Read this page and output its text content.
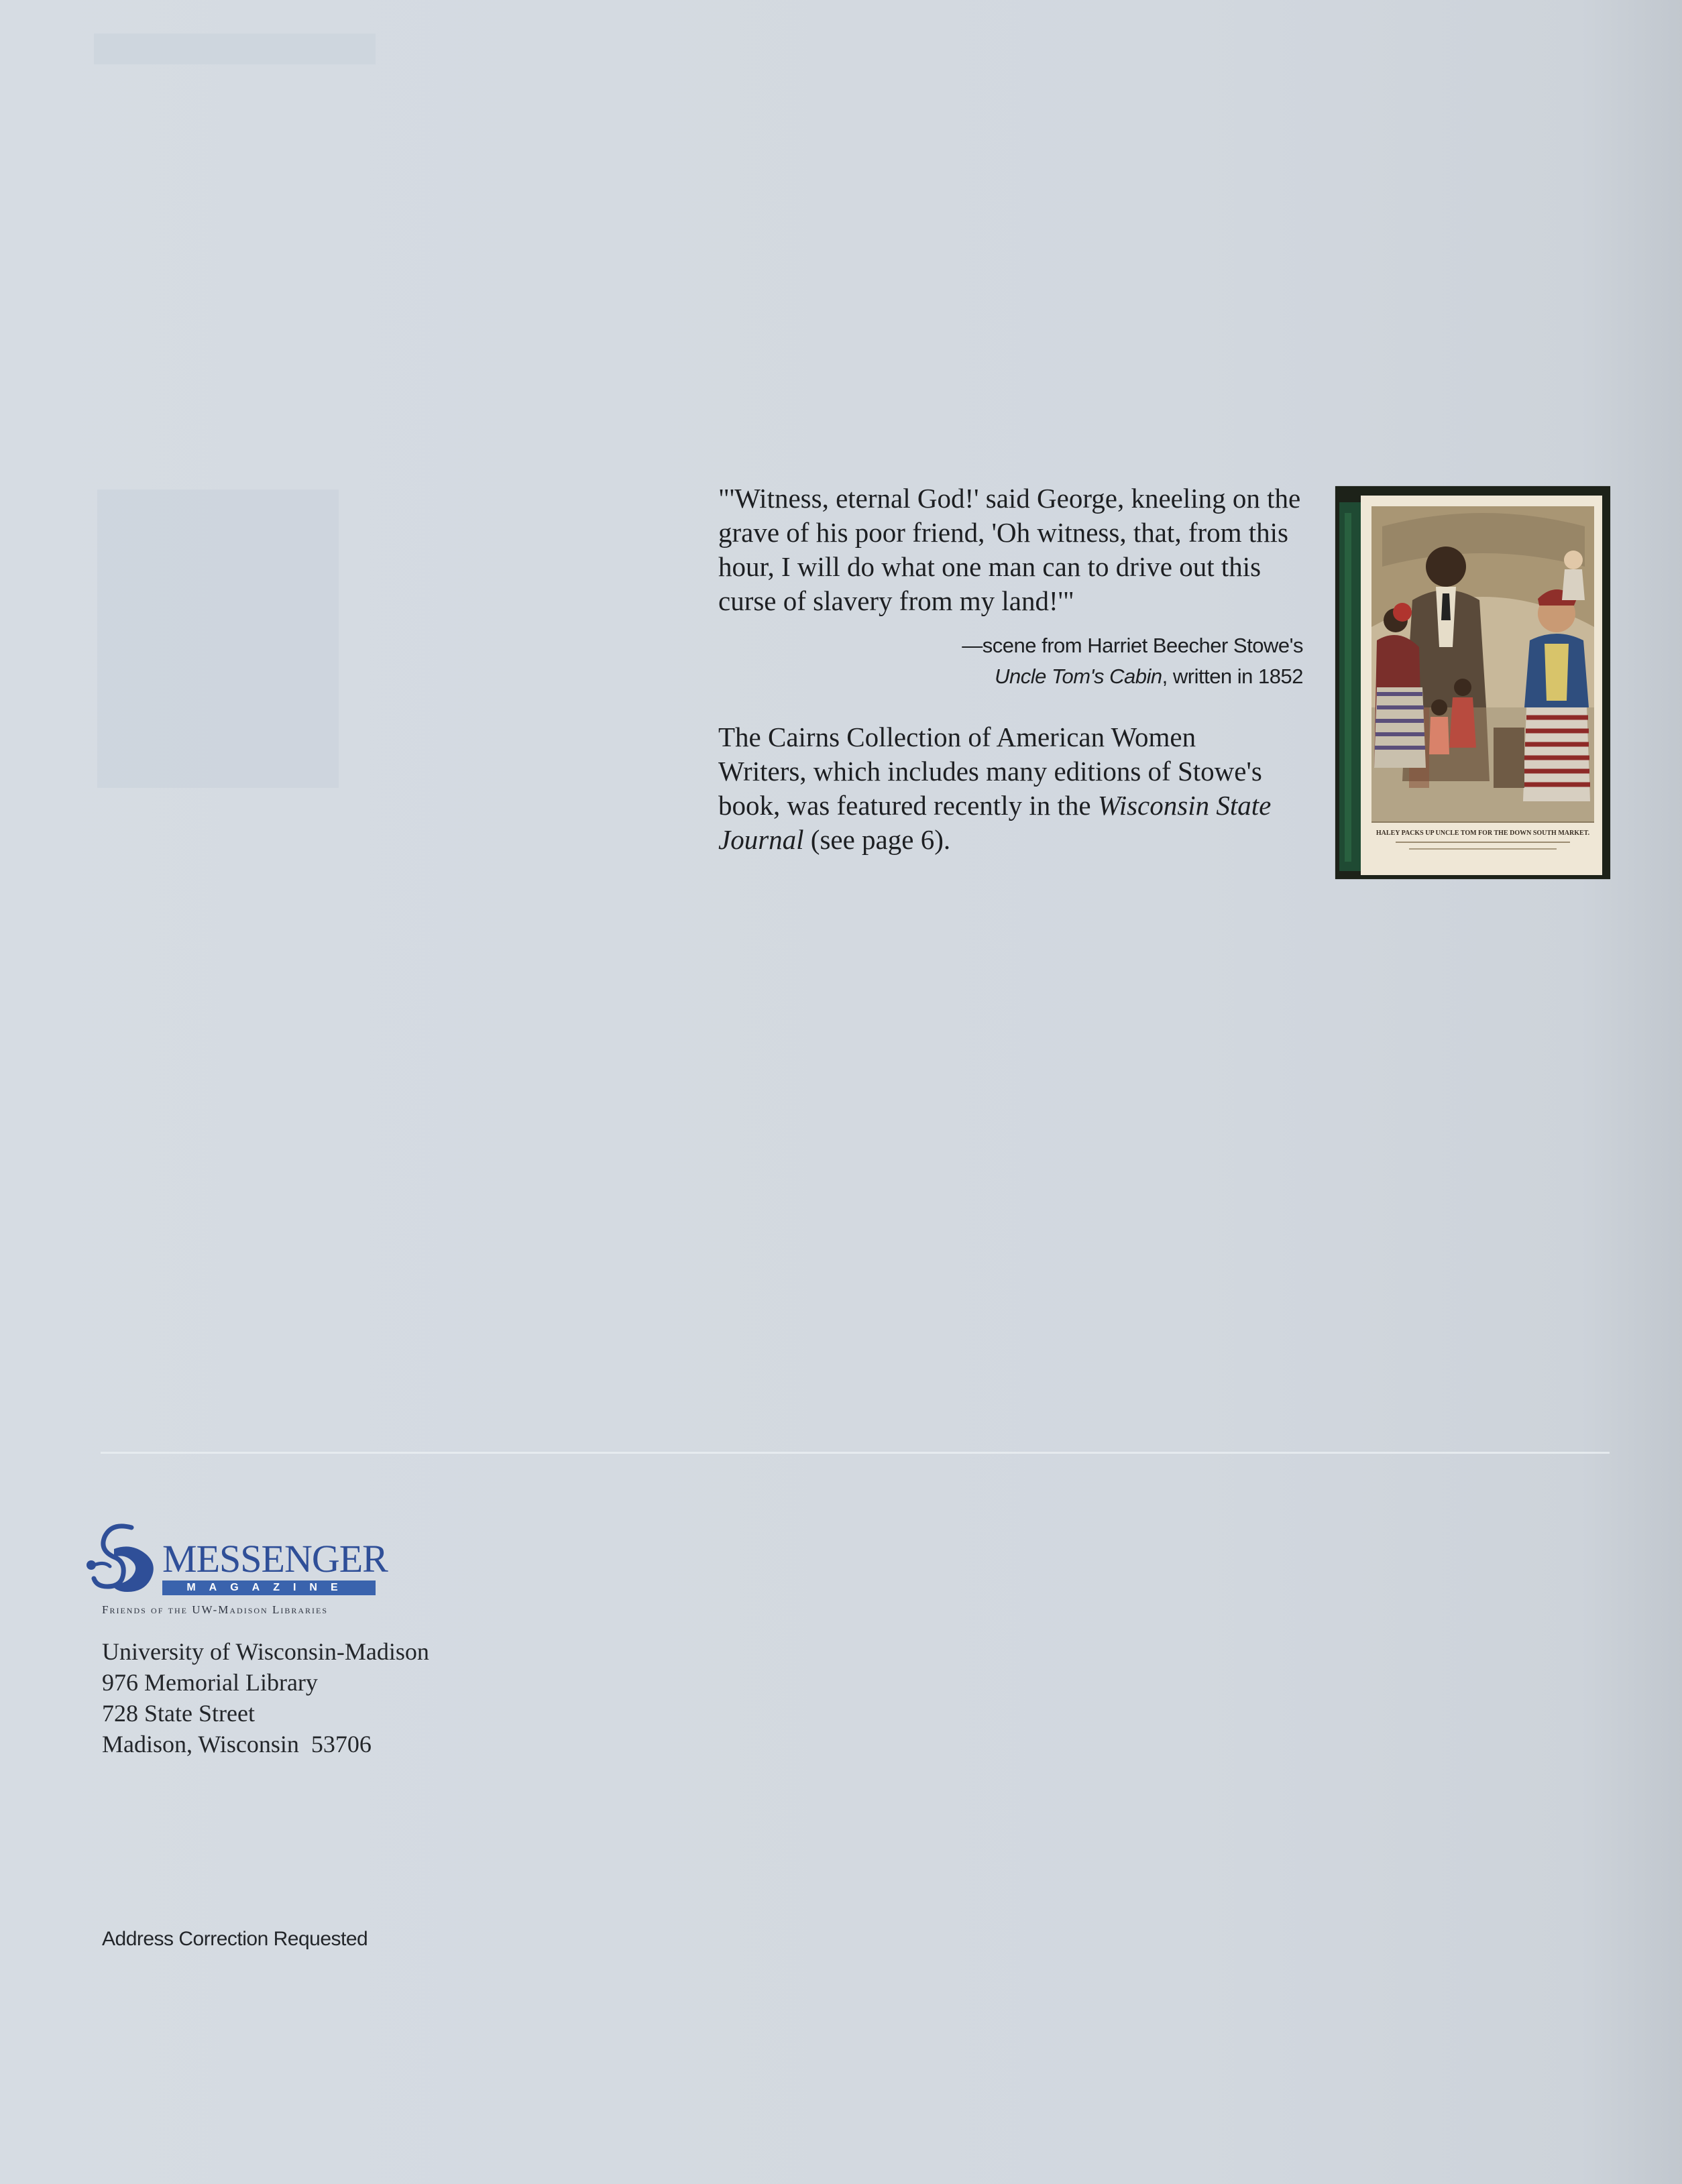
"'Witness, eternal God!' said George, kneeling on the grave of his poor friend, 'Oh witness, that, from this hour, I will do what one man can to drive out this curse of slavery from my land!'"

—scene from Harriet Beecher Stowe's
Uncle Tom's Cabin, written in 1852

The Cairns Collection of American Women Writers, which includes many editions of Stowe's book, was featured recently in the Wisconsin State Journal (see page 6).	HALEY PACKS UP UNCLE TOM FOR THE DOWN SOUTH MARKET.
MESSENGER
MAGAZINE
Friends of the UW-Madison Libraries
University of Wisconsin-Madison
976 Memorial Library
728 State Street
Madison, Wisconsin  53706
Address Correction Requested
